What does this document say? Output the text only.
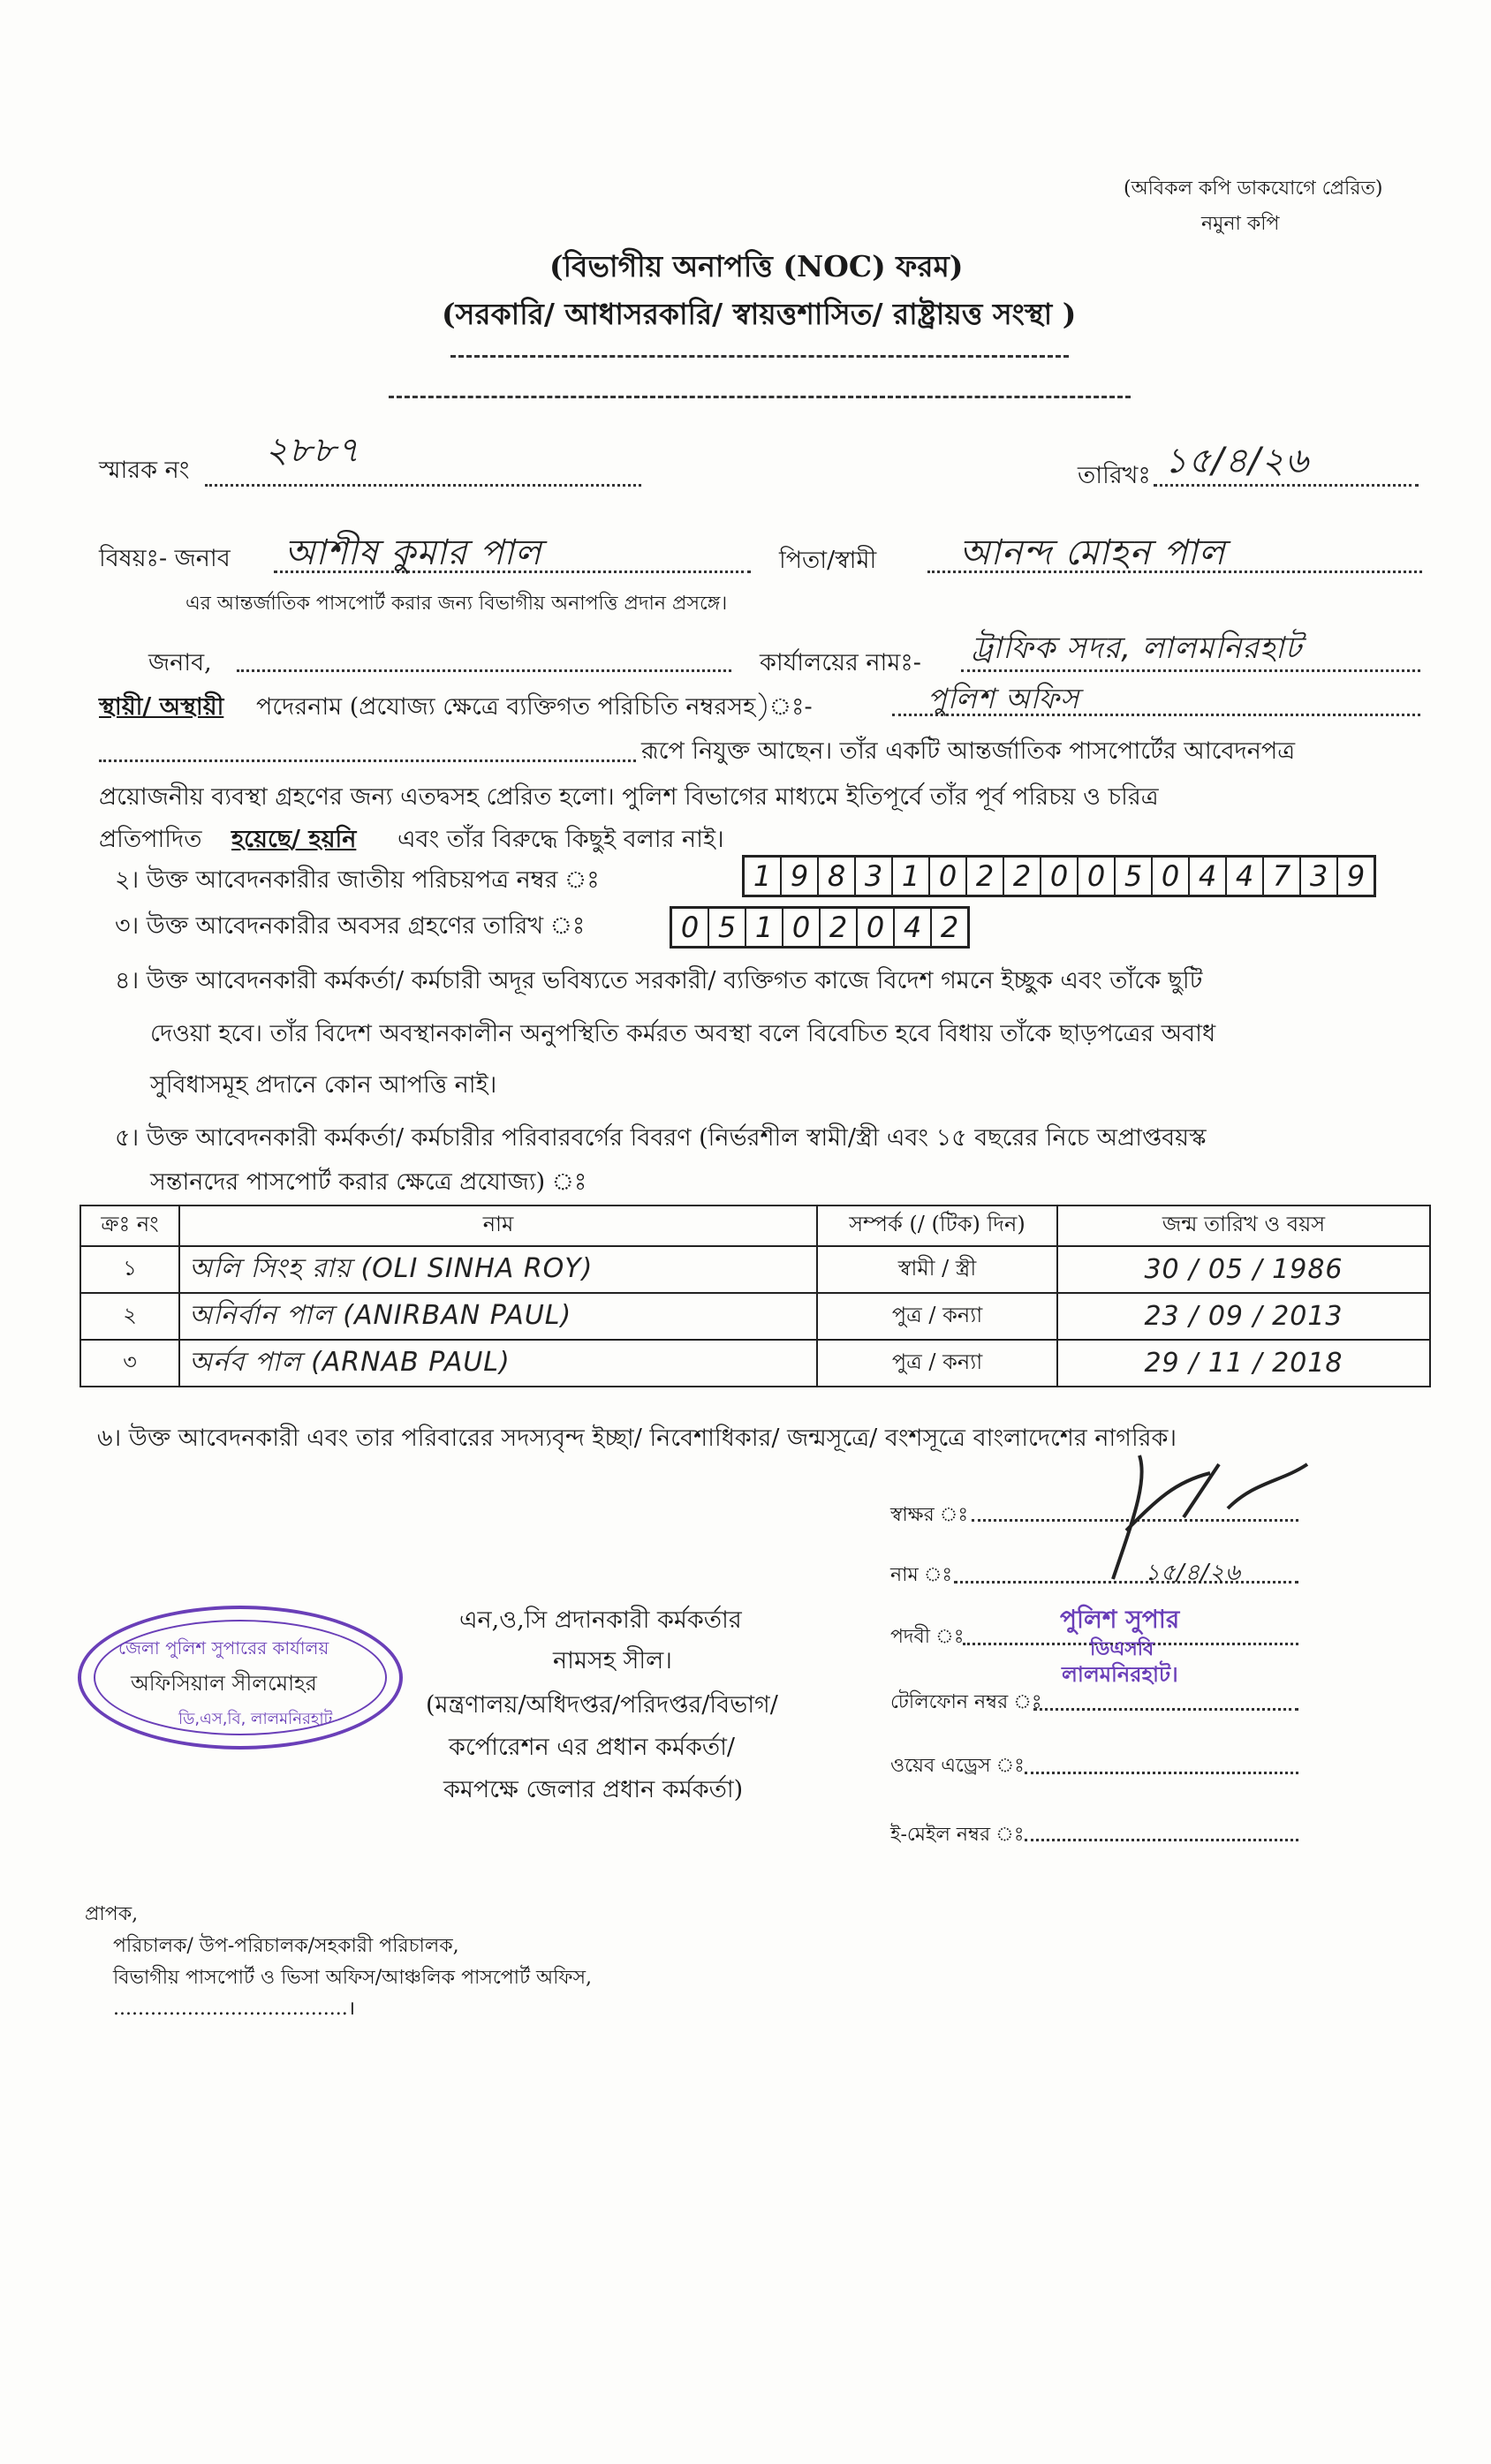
(অবিকল কপি ডাকযোগে প্রেরিত)
নমুনা কপি
(বিভাগীয় অনাপত্তি (NOC) ফরম)
(সরকারি/ আধাসরকারি/ স্বায়ত্তশাসিত/ রাষ্ট্রায়ত্ত সংস্থা )
স্মারক নং ২৮৮৭
তারিখঃ ১৫/৪/২৬
বিষয়ঃ- জনাব আশীষ কুমার পাল	পিতা/স্বামী আনন্দ মোহন পাল
এর আন্তর্জাতিক পাসপোর্ট করার জন্য বিভাগীয় অনাপত্তি প্রদান প্রসঙ্গে।
জনাব,	কার্যালয়ের নামঃ- ট্রাফিক সদর, লালমনিরহাট
স্থায়ী/ অস্থায়ী পদেরনাম (প্রযোজ্য ক্ষেত্রে ব্যক্তিগত পরিচিতি নম্বরসহ)ঃ-	পুলিশ অফিস
রূপে নিযুক্ত আছেন। তাঁর একটি আন্তর্জাতিক পাসপোর্টের আবেদনপত্র
প্রয়োজনীয় ব্যবস্থা গ্রহণের জন্য এতদ্বসহ প্রেরিত হলো। পুলিশ বিভাগের মাধ্যমে ইতিপূর্বে তাঁর পূর্ব পরিচয় ও চরিত্র
প্রতিপাদিত হয়েছে/ হয়নি এবং তাঁর বিরুদ্ধে কিছুই বলার নাই।
২। উক্ত আবেদনকারীর জাতীয় পরিচয়পত্র নম্বর ঃ	1 9 8 3 1 0 2 2 0 0 5 0 4 4 7 3 9
৩। উক্ত আবেদনকারীর অবসর গ্রহণের তারিখ ঃ	0 5 1 0 2 0 4 2
৪। উক্ত আবেদনকারী কর্মকর্তা/ কর্মচারী অদূর ভবিষ্যতে সরকারী/ ব্যক্তিগত কাজে বিদেশ গমনে ইচ্ছুক এবং তাঁকে ছুটি
দেওয়া হবে। তাঁর বিদেশ অবস্থানকালীন অনুপস্থিতি কর্মরত অবস্থা বলে বিবেচিত হবে বিধায় তাঁকে ছাড়পত্রের অবাধ
সুবিধাসমূহ প্রদানে কোন আপত্তি নাই।
৫। উক্ত আবেদনকারী কর্মকর্তা/ কর্মচারীর পরিবারবর্গের বিবরণ (নির্ভরশীল স্বামী/স্ত্রী এবং ১৫ বছরের নিচে অপ্রাপ্তবয়স্ক
সন্তানদের পাসপোর্ট করার ক্ষেত্রে প্রযোজ্য) ঃ
ক্রঃ নং	নাম	সম্পর্ক (/ (টিক) দিন)	জন্ম তারিখ ও বয়স
১	অলি সিংহ রায় (OLI SINHA ROY)	স্বামী / স্ত্রী	30 / 05 / 1986
২	অনির্বান পাল (ANIRBAN PAUL)	পুত্র / কন্যা	23 / 09 / 2013
৩	অর্নব পাল (ARNAB PAUL)	পুত্র / কন্যা	29 / 11 / 2018
৬। উক্ত আবেদনকারী এবং তার পরিবারের সদস্যবৃন্দ ইচ্ছা/ নিবেশাধিকার/ জন্মসূত্রে/ বংশসূত্রে বাংলাদেশের নাগরিক।
স্বাক্ষর ঃ
নাম ঃ	১৫/৪/২৬
পুলিশ সুপার
পদবী ঃ
ডিএসবি
লালমনিরহাট।
টেলিফোন নম্বর ঃ
ওয়েব এড্রেস ঃ
ই-মেইল নম্বর ঃ
জেলা পুলিশ সুপারের কার্যালয়
অফিসিয়াল সীলমোহর
ডি,এস,বি, লালমনিরহাট
এন,ও,সি প্রদানকারী কর্মকর্তার
নামসহ সীল।
(মন্ত্রণালয়/অধিদপ্তর/পরিদপ্তর/বিভাগ/
কর্পোরেশন এর প্রধান কর্মকর্তা/
কমপক্ষে জেলার প্রধান কর্মকর্তা)
প্রাপক,
পরিচালক/ উপ-পরিচালক/সহকারী পরিচালক,
বিভাগীয় পাসপোর্ট ও ভিসা অফিস/আঞ্চলিক পাসপোর্ট অফিস,
......................................।
